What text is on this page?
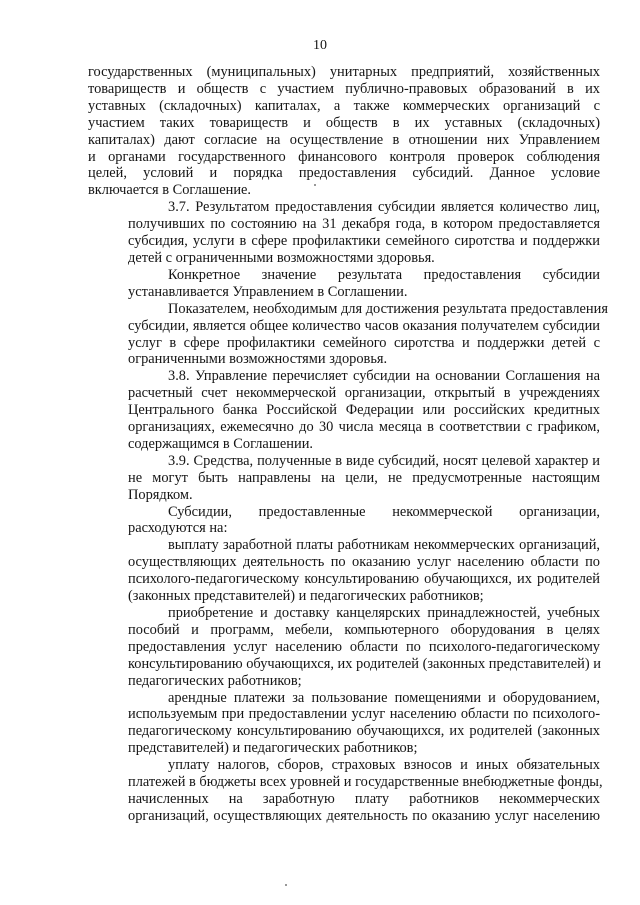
10
государственных (муниципальных) унитарных предприятий, хозяйственных
товариществ и обществ с участием публично-правовых образований в их
уставных (складочных) капиталах, а также коммерческих организаций с
участием таких товариществ и обществ в их уставных (складочных)
капиталах) дают согласие на осуществление в отношении них Управлением
и органами государственного финансового контроля проверок соблюдения
целей, условий и порядка предоставления субсидий. Данное условие
включается в Соглашение.
3.7. Результатом предоставления субсидии является количество лиц,
получивших по состоянию на 31 декабря года, в котором предоставляется
субсидия, услуги в сфере профилактики семейного сиротства и поддержки
детей с ограниченными возможностями здоровья.
Конкретное значение результата предоставления субсидии
устанавливается Управлением в Соглашении.
Показателем, необходимым для достижения результата предоставления
субсидии, является общее количество часов оказания получателем субсидии
услуг в сфере профилактики семейного сиротства и поддержки детей с
ограниченными возможностями здоровья.
3.8. Управление перечисляет субсидии на основании Соглашения на
расчетный счет некоммерческой организации, открытый в учреждениях
Центрального банка Российской Федерации или российских кредитных
организациях, ежемесячно до 30 числа месяца в соответствии с графиком,
содержащимся в Соглашении.
3.9. Средства, полученные в виде субсидий, носят целевой характер и
не могут быть направлены на цели, не предусмотренные настоящим
Порядком.
Субсидии, предоставленные некоммерческой организации,
расходуются на:
выплату заработной платы работникам некоммерческих организаций,
осуществляющих деятельность по оказанию услуг населению области по
психолого-педагогическому консультированию обучающихся, их родителей
(законных представителей) и педагогических работников;
приобретение и доставку канцелярских принадлежностей, учебных
пособий и программ, мебели, компьютерного оборудования в целях
предоставления услуг населению области по психолого-педагогическому
консультированию обучающихся, их родителей (законных представителей) и
педагогических работников;
арендные платежи за пользование помещениями и оборудованием,
используемым при предоставлении услуг населению области по психолого-
педагогическому консультированию обучающихся, их родителей (законных
представителей) и педагогических работников;
уплату налогов, сборов, страховых взносов и иных обязательных
платежей в бюджеты всех уровней и государственные внебюджетные фонды,
начисленных на заработную плату работников некоммерческих
организаций, осуществляющих деятельность по оказанию услуг населению
